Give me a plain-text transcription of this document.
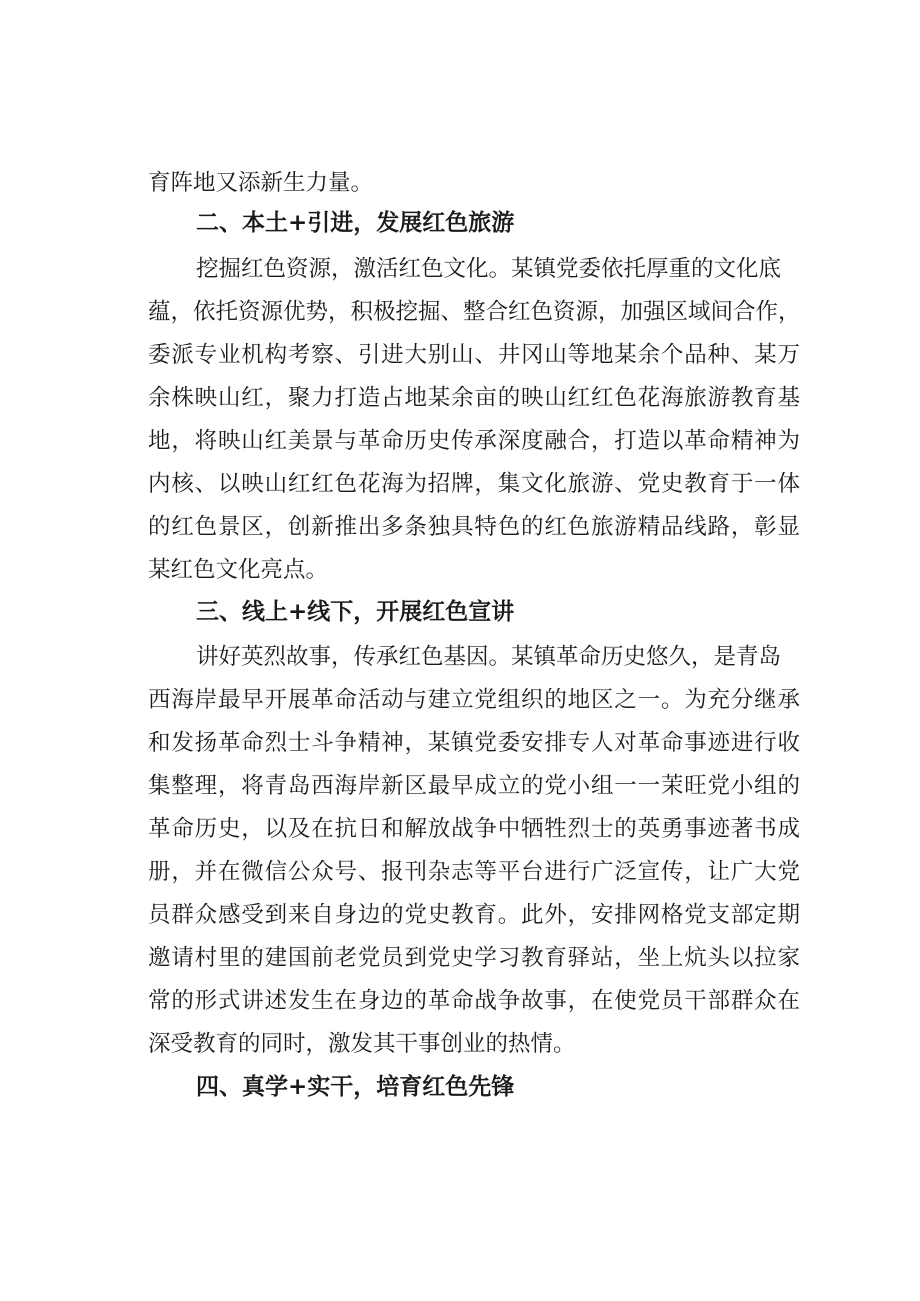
育阵地又添新生力量。
二、本土+引进，发展红色旅游
挖掘红色资源，激活红色文化。某镇党委依托厚重的文化底
蕴，依托资源优势，积极挖掘、整合红色资源，加强区域间合作，
委派专业机构考察、引进大别山、井冈山等地某余个品种、某万
余株映山红，聚力打造占地某余亩的映山红红色花海旅游教育基
地，将映山红美景与革命历史传承深度融合，打造以革命精神为
内核、以映山红红色花海为招牌，集文化旅游、党史教育于一体
的红色景区，创新推出多条独具特色的红色旅游精品线路，彰显
某红色文化亮点。
三、线上+线下，开展红色宣讲
讲好英烈故事，传承红色基因。某镇革命历史悠久，是青岛
西海岸最早开展革命活动与建立党组织的地区之一。为充分继承
和发扬革命烈士斗争精神，某镇党委安排专人对革命事迹进行收
集整理，将青岛西海岸新区最早成立的党小组一一茉旺党小组的
革命历史，以及在抗日和解放战争中牺牲烈士的英勇事迹著书成
册，并在微信公众号、报刊杂志等平台进行广泛宣传，让广大党
员群众感受到来自身边的党史教育。此外，安排网格党支部定期
邀请村里的建国前老党员到党史学习教育驿站，坐上炕头以拉家
常的形式讲述发生在身边的革命战争故事，在使党员干部群众在
深受教育的同时，激发其干事创业的热情。
四、真学+实干，培育红色先锋
